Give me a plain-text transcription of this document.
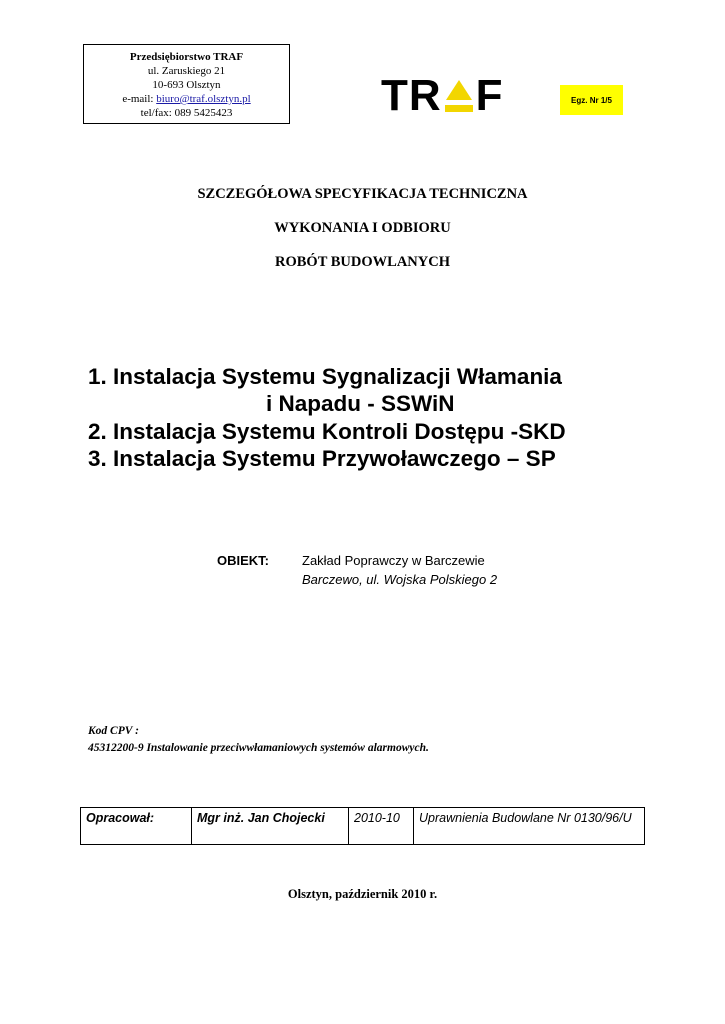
Przedsiębiorstwo TRAF
ul. Zaruskiego 21
10-693 Olsztyn
e-mail: biuro@traf.olsztyn.pl
tel/fax: 089 5425423	TR F	Egz. Nr 1/5
SZCZEGÓŁOWA SPECYFIKACJA TECHNICZNA
WYKONANIA I ODBIORU
ROBÓT BUDOWLANYCH
1. Instalacja Systemu Sygnalizacji Włamania
i Napadu - SSWiN
2. Instalacja Systemu Kontroli Dostępu -SKD
3. Instalacja Systemu Przywoławczego – SP
OBIEKT:	Zakład Poprawczy w Barczewie
Barczewo, ul. Wojska Polskiego 2
Kod CPV :
45312200-9 Instalowanie przeciwwłamaniowych systemów alarmowych.
Opracował:	Mgr inż. Jan Chojecki	2010-10	Uprawnienia Budowlane Nr 0130/96/U
Olsztyn, październik 2010 r.
